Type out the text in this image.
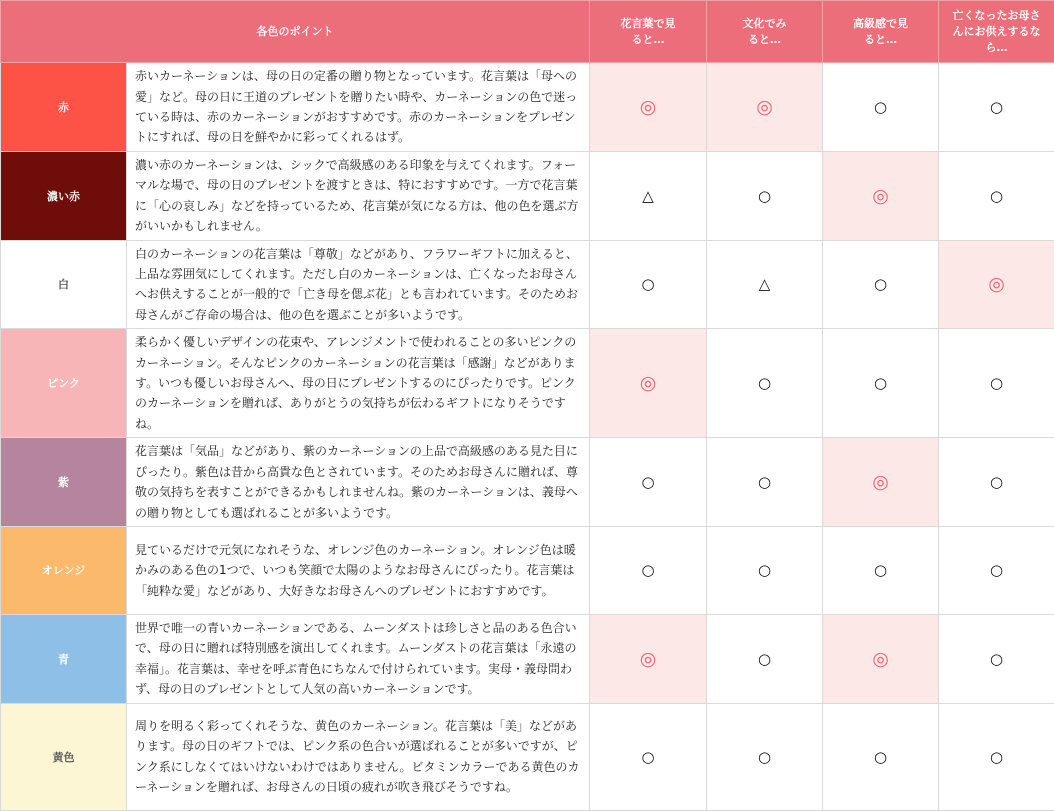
各色のポイント		花言葉で見ると…	文化でみると…	高級感で見ると…	亡くなったお母さんにお供えするなら…

赤	赤いカーネーションは、母の日の定番の贈り物となっています。花言葉は「母への愛」など。母の日に王道のプレゼントを贈りたい時や、カーネーションの色で迷っている時は、赤のカーネーションがおすすめです。赤のカーネーションをプレゼントにすれば、母の日を鮮やかに彩ってくれるはず。	◎	◎	○	○
濃い赤	濃い赤のカーネーションは、シックで高級感のある印象を与えてくれます。フォーマルな場で、母の日のプレゼントを渡すときは、特におすすめです。一方で花言葉に「心の哀しみ」などを持っているため、花言葉が気になる方は、他の色を選ぶ方がいいかもしれません。	△	○	◎	○
白	白のカーネーションの花言葉は「尊敬」などがあり、フラワーギフトに加えると、上品な雰囲気にしてくれます。ただし白のカーネーションは、亡くなったお母さんへお供えすることが一般的で「亡き母を偲ぶ花」とも言われています。そのためお母さんがご存命の場合は、他の色を選ぶことが多いようです。	○	△	○	◎
ピンク	柔らかく優しいデザインの花束や、アレンジメントで使われることの多いピンクのカーネーション。そんなピンクのカーネーションの花言葉は「感謝」などがあります。いつも優しいお母さんへ、母の日にプレゼントするのにぴったりです。ピンクのカーネーションを贈れば、ありがとうの気持ちが伝わるギフトになりそうですね。	◎	○	○	○
紫	花言葉は「気品」などがあり、紫のカーネーションの上品で高級感のある見た目にぴったり。紫色は昔から高貴な色とされています。そのためお母さんに贈れば、尊敬の気持ちを表すことができるかもしれませんね。紫のカーネーションは、義母への贈り物としても選ばれることが多いようです。	○	○	◎	○
オレンジ	見ているだけで元気になれそうな、オレンジ色のカーネーション。オレンジ色は暖かみのある色の1つで、いつも笑顔で太陽のようなお母さんにぴったり。花言葉は「純粋な愛」などがあり、大好きなお母さんへのプレゼントにおすすめです。	○	○	○	○
青	世界で唯一の青いカーネーションである、ムーンダストは珍しさと品のある色合いで、母の日に贈れば特別感を演出してくれます。ムーンダストの花言葉は「永遠の幸福」。花言葉は、幸せを呼ぶ青色にちなんで付けられています。実母・義母問わず、母の日のプレゼントとして人気の高いカーネーションです。	◎	○	◎	○
黄色	周りを明るく彩ってくれそうな、黄色のカーネーション。花言葉は「美」などがあります。母の日のギフトでは、ピンク系の色合いが選ばれることが多いですが、ピンク系にしなくてはいけないわけではありません。ビタミンカラーである黄色のカーネーションを贈れば、お母さんの日頃の疲れが吹き飛びそうですね。	○	○	○	○
